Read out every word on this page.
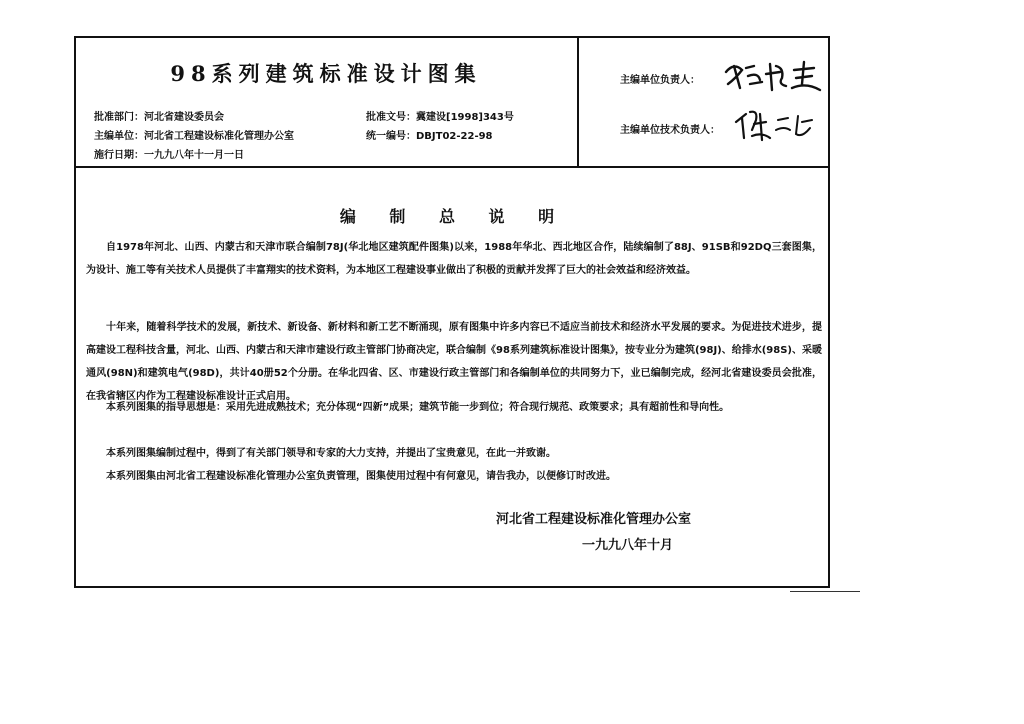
98系列建筑标准设计图集
批准部门：河北省建设委员会	批准文号：冀建设[1998]343号
主编单位：河北省工程建设标准化管理办公室	统一编号：DBJT02-22-98
施行日期：一九九八年十一月一日
主编单位负责人：
主编单位技术负责人：
编 制 总 说 明
自1978年河北、山西、内蒙古和天津市联合编制78J(华北地区建筑配件图集)以来，1988年华北、西北地区合作，陆续编制了88J、91SB和92DQ三套图集，为设计、施工等有关技术人员提供了丰富翔实的技术资料，为本地区工程建设事业做出了积极的贡献并发挥了巨大的社会效益和经济效益。
十年来，随着科学技术的发展，新技术、新设备、新材料和新工艺不断涌现，原有图集中许多内容已不适应当前技术和经济水平发展的要求。为促进技术进步，提高建设工程科技含量，河北、山西、内蒙古和天津市建设行政主管部门协商决定，联合编制《98系列建筑标准设计图集》，按专业分为建筑(98J)、给排水(98S)、采暖通风(98N)和建筑电气(98D)，共计40册52个分册。在华北四省、区、市建设行政主管部门和各编制单位的共同努力下，业已编制完成，经河北省建设委员会批准，在我省辖区内作为工程建设标准设计正式启用。
本系列图集的指导思想是：采用先进成熟技术；充分体现“四新”成果；建筑节能一步到位；符合现行规范、政策要求；具有超前性和导向性。
本系列图集编制过程中，得到了有关部门领导和专家的大力支持，并提出了宝贵意见，在此一并致谢。
本系列图集由河北省工程建设标准化管理办公室负责管理，图集使用过程中有何意见，请告我办，以便修订时改进。
河北省工程建设标准化管理办公室
一九九八年十月
